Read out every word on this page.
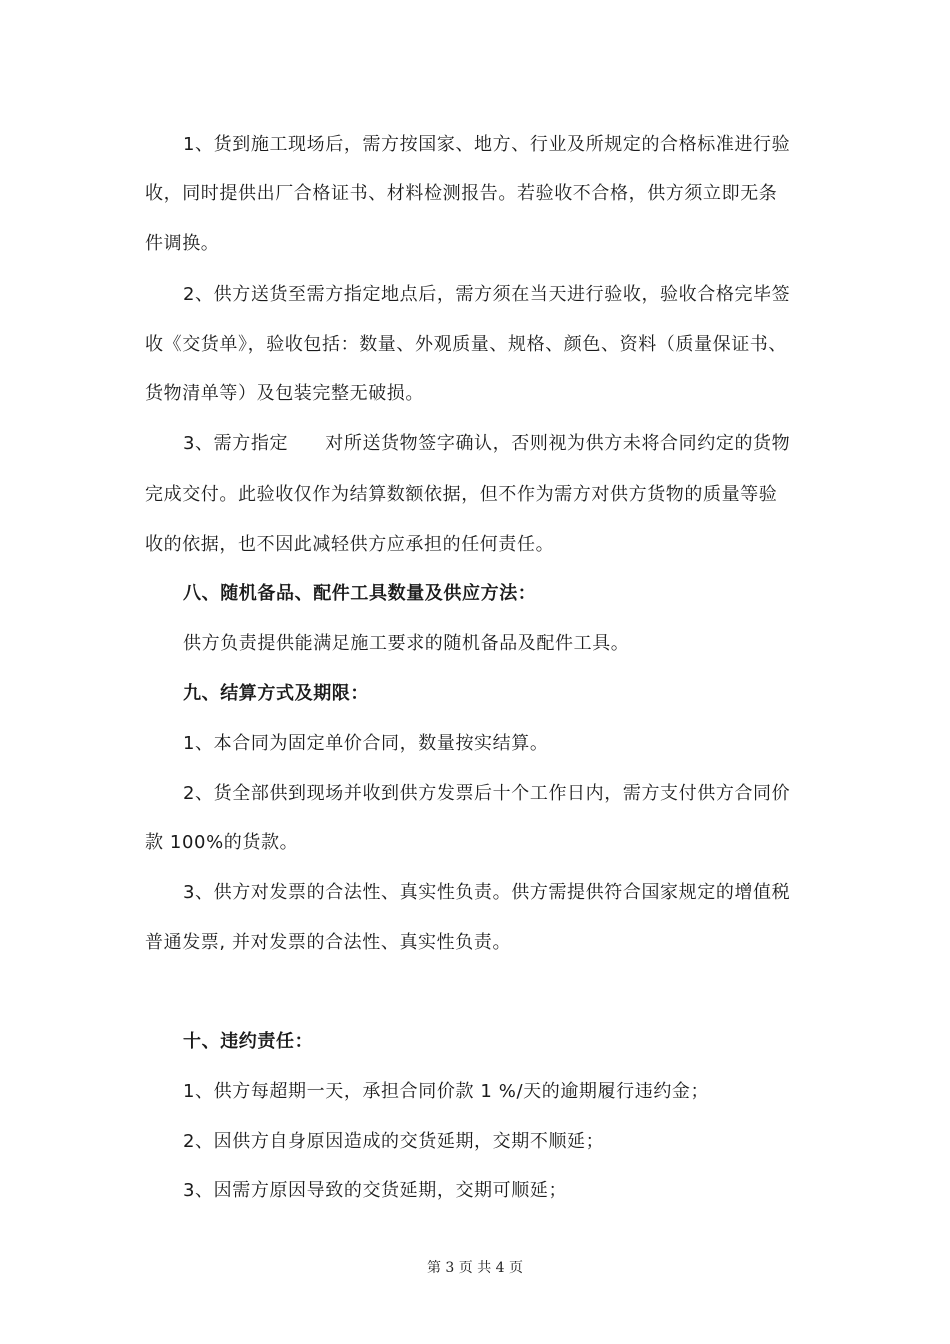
1、货到施工现场后，需方按国家、地方、行业及所规定的合格标准进行验
收，同时提供出厂合格证书、材料检测报告。若验收不合格，供方须立即无条
件调换。
2、供方送货至需方指定地点后，需方须在当天进行验收，验收合格完毕签
收《交货单》，验收包括：数量、外观质量、规格、颜色、资料（质量保证书、
货物清单等）及包装完整无破损。
3、需方指定　　对所送货物签字确认，否则视为供方未将合同约定的货物
完成交付。此验收仅作为结算数额依据，但不作为需方对供方货物的质量等验
收的依据，也不因此减轻供方应承担的任何责任。
八、随机备品、配件工具数量及供应方法：
供方负责提供能满足施工要求的随机备品及配件工具。
九、结算方式及期限：
1、本合同为固定单价合同，数量按实结算。
2、货全部供到现场并收到供方发票后十个工作日内，需方支付供方合同价
款 100%的货款。
3、供方对发票的合法性、真实性负责。供方需提供符合国家规定的增值税
普通发票, 并对发票的合法性、真实性负责。
十、违约责任：
1、供方每超期一天，承担合同价款 1 %/天的逾期履行违约金；
2、因供方自身原因造成的交货延期，交期不顺延；
3、因需方原因导致的交货延期，交期可顺延；
第 3 页 共 4 页
